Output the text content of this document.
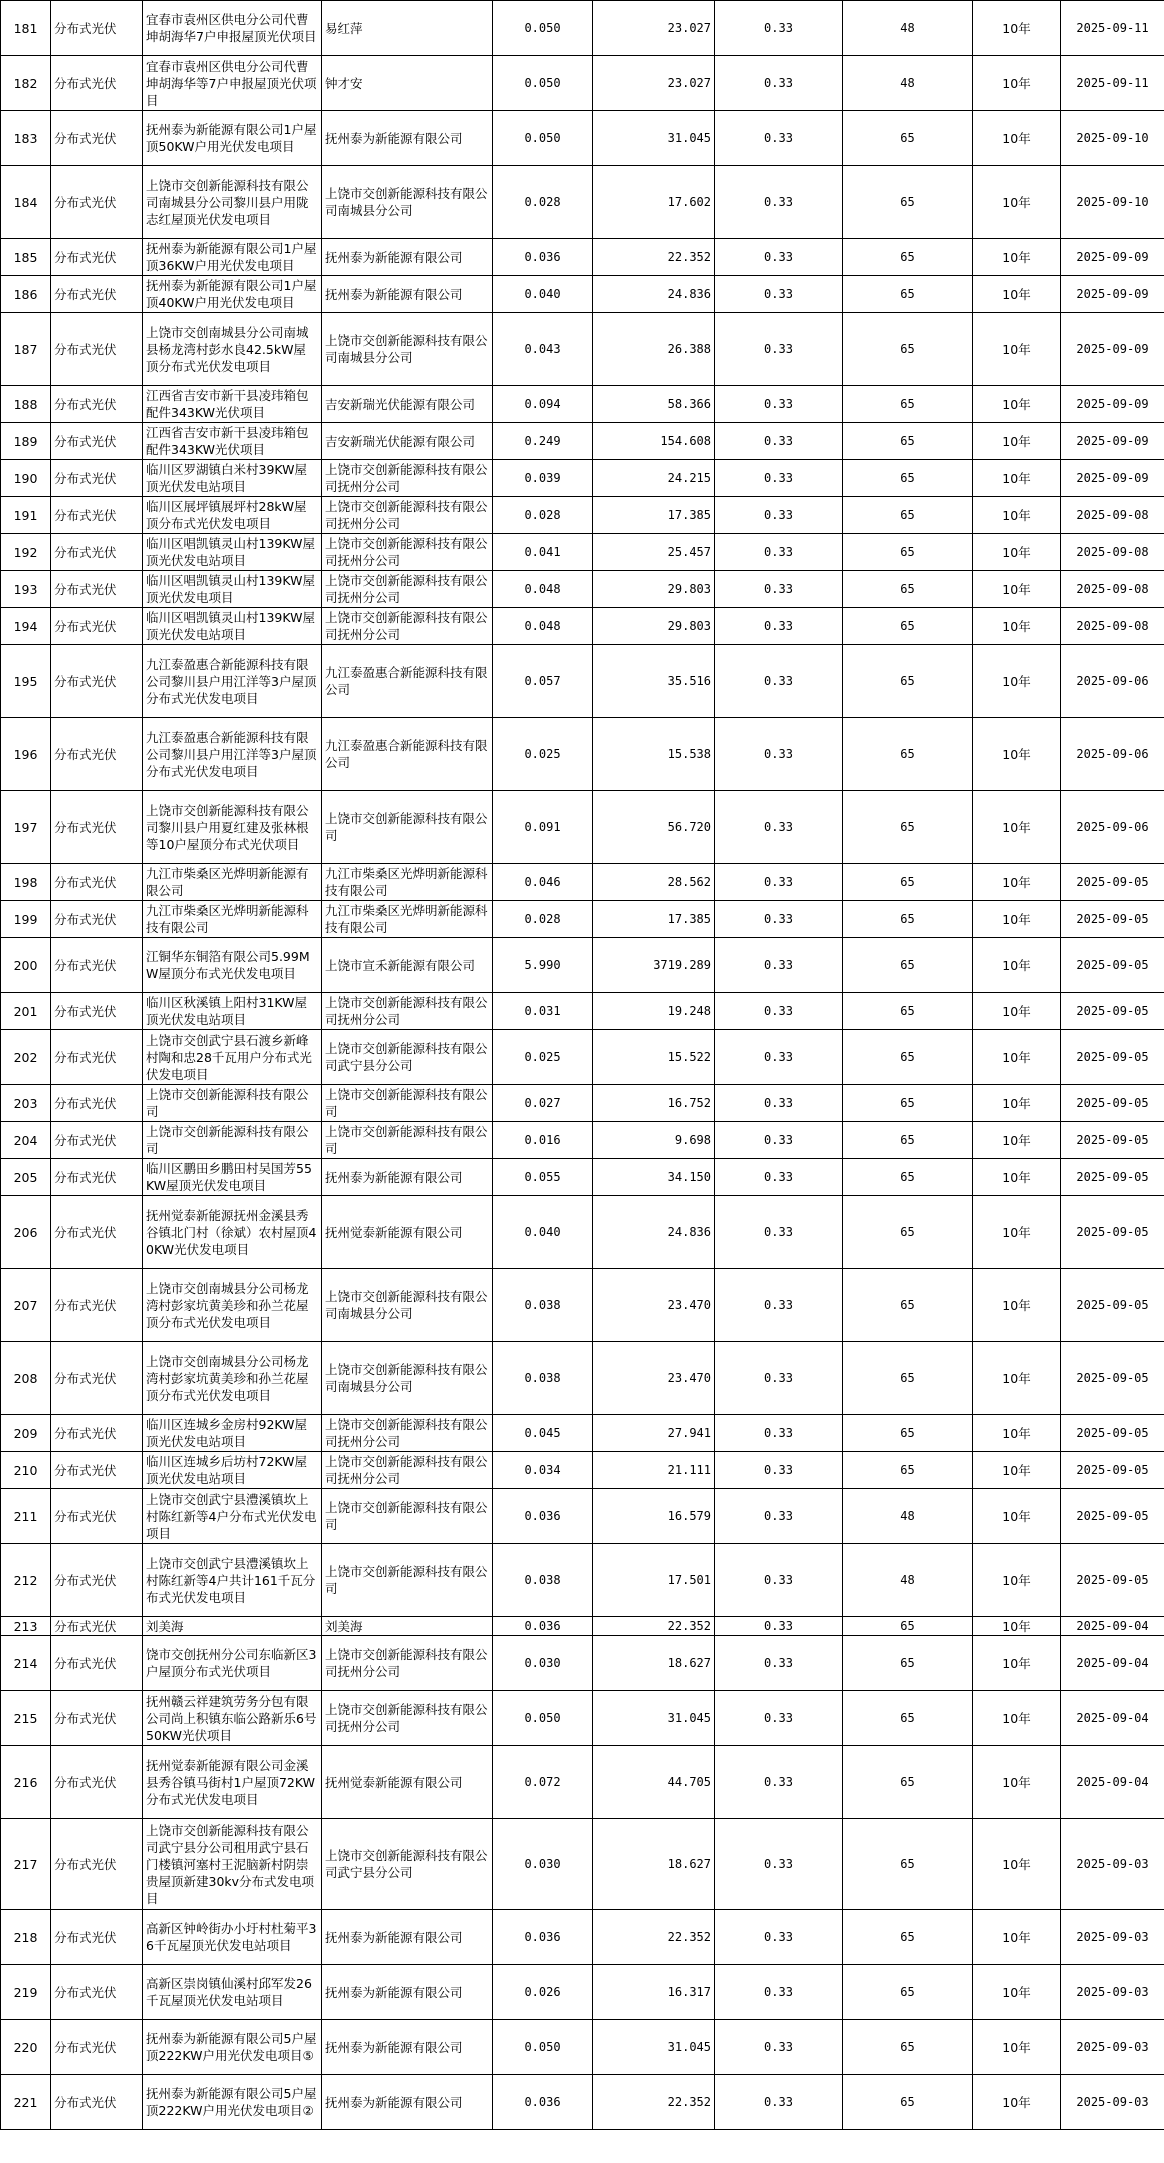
181	分布式光伏	宜春市袁州区供电分公司代曹坤胡海华7户申报屋顶光伏项目	易红萍	0.050	23.027	0.33	48	10年	2025-09-11
182	分布式光伏	宜春市袁州区供电分公司代曹坤胡海华等7户申报屋顶光伏项目	钟才安	0.050	23.027	0.33	48	10年	2025-09-11
183	分布式光伏	抚州泰为新能源有限公司1户屋顶50KW户用光伏发电项目	抚州泰为新能源有限公司	0.050	31.045	0.33	65	10年	2025-09-10
184	分布式光伏	上饶市交创新能源科技有限公司南城县分公司黎川县户用陇志红屋顶光伏发电项目	上饶市交创新能源科技有限公司南城县分公司	0.028	17.602	0.33	65	10年	2025-09-10
185	分布式光伏	抚州泰为新能源有限公司1户屋顶36KW户用光伏发电项目	抚州泰为新能源有限公司	0.036	22.352	0.33	65	10年	2025-09-09
186	分布式光伏	抚州泰为新能源有限公司1户屋顶40KW户用光伏发电项目	抚州泰为新能源有限公司	0.040	24.836	0.33	65	10年	2025-09-09
187	分布式光伏	上饶市交创南城县分公司南城县杨龙湾村彭水良42.5kW屋顶分布式光伏发电项目	上饶市交创新能源科技有限公司南城县分公司	0.043	26.388	0.33	65	10年	2025-09-09
188	分布式光伏	江西省吉安市新干县凌玮箱包配件343KW光伏项目	吉安新瑞光伏能源有限公司	0.094	58.366	0.33	65	10年	2025-09-09
189	分布式光伏	江西省吉安市新干县凌玮箱包配件343KW光伏项目	吉安新瑞光伏能源有限公司	0.249	154.608	0.33	65	10年	2025-09-09
190	分布式光伏	临川区罗湖镇白米村39KW屋顶光伏发电站项目	上饶市交创新能源科技有限公司抚州分公司	0.039	24.215	0.33	65	10年	2025-09-09
191	分布式光伏	临川区展坪镇展坪村28kW屋顶分布式光伏发电项目	上饶市交创新能源科技有限公司抚州分公司	0.028	17.385	0.33	65	10年	2025-09-08
192	分布式光伏	临川区唱凯镇灵山村139KW屋顶光伏发电站项目	上饶市交创新能源科技有限公司抚州分公司	0.041	25.457	0.33	65	10年	2025-09-08
193	分布式光伏	临川区唱凯镇灵山村139KW屋顶光伏发电项目	上饶市交创新能源科技有限公司抚州分公司	0.048	29.803	0.33	65	10年	2025-09-08
194	分布式光伏	临川区唱凯镇灵山村139KW屋顶光伏发电站项目	上饶市交创新能源科技有限公司抚州分公司	0.048	29.803	0.33	65	10年	2025-09-08
195	分布式光伏	九江泰盈惠合新能源科技有限公司黎川县户用江洋等3户屋顶分布式光伏发电项目	九江泰盈惠合新能源科技有限公司	0.057	35.516	0.33	65	10年	2025-09-06
196	分布式光伏	九江泰盈惠合新能源科技有限公司黎川县户用江洋等3户屋顶分布式光伏发电项目	九江泰盈惠合新能源科技有限公司	0.025	15.538	0.33	65	10年	2025-09-06
197	分布式光伏	上饶市交创新能源科技有限公司黎川县户用夏红建及张林根等10户屋顶分布式光伏项目	上饶市交创新能源科技有限公司	0.091	56.720	0.33	65	10年	2025-09-06
198	分布式光伏	九江市柴桑区光烨明新能源有限公司	九江市柴桑区光烨明新能源科技有限公司	0.046	28.562	0.33	65	10年	2025-09-05
199	分布式光伏	九江市柴桑区光烨明新能源科技有限公司	九江市柴桑区光烨明新能源科技有限公司	0.028	17.385	0.33	65	10年	2025-09-05
200	分布式光伏	江铜华东铜箔有限公司5.99MW屋顶分布式光伏发电项目	上饶市宣禾新能源有限公司	5.990	3719.289	0.33	65	10年	2025-09-05
201	分布式光伏	临川区秋溪镇上阳村31KW屋顶光伏发电站项目	上饶市交创新能源科技有限公司抚州分公司	0.031	19.248	0.33	65	10年	2025-09-05
202	分布式光伏	上饶市交创武宁县石渡乡新峰村陶和忠28千瓦用户分布式光伏发电项目	上饶市交创新能源科技有限公司武宁县分公司	0.025	15.522	0.33	65	10年	2025-09-05
203	分布式光伏	上饶市交创新能源科技有限公司	上饶市交创新能源科技有限公司	0.027	16.752	0.33	65	10年	2025-09-05
204	分布式光伏	上饶市交创新能源科技有限公司	上饶市交创新能源科技有限公司	0.016	9.698	0.33	65	10年	2025-09-05
205	分布式光伏	临川区鹏田乡鹏田村吴国芳55KW屋顶光伏发电项目	抚州泰为新能源有限公司	0.055	34.150	0.33	65	10年	2025-09-05
206	分布式光伏	抚州觉泰新能源抚州金溪县秀谷镇北门村（徐斌）农村屋顶40KW光伏发电项目	抚州觉泰新能源有限公司	0.040	24.836	0.33	65	10年	2025-09-05
207	分布式光伏	上饶市交创南城县分公司杨龙湾村彭家坑黄美珍和孙兰花屋顶分布式光伏发电项目	上饶市交创新能源科技有限公司南城县分公司	0.038	23.470	0.33	65	10年	2025-09-05
208	分布式光伏	上饶市交创南城县分公司杨龙湾村彭家坑黄美珍和孙兰花屋顶分布式光伏发电项目	上饶市交创新能源科技有限公司南城县分公司	0.038	23.470	0.33	65	10年	2025-09-05
209	分布式光伏	临川区连城乡金房村92KW屋顶光伏发电站项目	上饶市交创新能源科技有限公司抚州分公司	0.045	27.941	0.33	65	10年	2025-09-05
210	分布式光伏	临川区连城乡后坊村72KW屋顶光伏发电站项目	上饶市交创新能源科技有限公司抚州分公司	0.034	21.111	0.33	65	10年	2025-09-05
211	分布式光伏	上饶市交创武宁县澧溪镇坎上村陈红新等4户分布式光伏发电项目	上饶市交创新能源科技有限公司	0.036	16.579	0.33	48	10年	2025-09-05
212	分布式光伏	上饶市交创武宁县澧溪镇坎上村陈红新等4户共计161千瓦分布式光伏发电项目	上饶市交创新能源科技有限公司	0.038	17.501	0.33	48	10年	2025-09-05
213	分布式光伏	刘美海	刘美海	0.036	22.352	0.33	65	10年	2025-09-04
214	分布式光伏	饶市交创抚州分公司东临新区3户屋顶分布式光伏项目	上饶市交创新能源科技有限公司抚州分公司	0.030	18.627	0.33	65	10年	2025-09-04
215	分布式光伏	抚州赣云祥建筑劳务分包有限公司尚上积镇东临公路新乐6号50KW光伏项目	上饶市交创新能源科技有限公司抚州分公司	0.050	31.045	0.33	65	10年	2025-09-04
216	分布式光伏	抚州觉泰新能源有限公司金溪县秀谷镇马街村1户屋顶72KW分布式光伏发电项目	抚州觉泰新能源有限公司	0.072	44.705	0.33	65	10年	2025-09-04
217	分布式光伏	上饶市交创新能源科技有限公司武宁县分公司租用武宁县石门楼镇河塞村王泥脑新村阴崇贵屋顶新建30kv分布式发电项目	上饶市交创新能源科技有限公司武宁县分公司	0.030	18.627	0.33	65	10年	2025-09-03
218	分布式光伏	高新区钟岭街办小圩村杜菊平36千瓦屋顶光伏发电站项目	抚州泰为新能源有限公司	0.036	22.352	0.33	65	10年	2025-09-03
219	分布式光伏	高新区崇岗镇仙溪村邱军发26千瓦屋顶光伏发电站项目	抚州泰为新能源有限公司	0.026	16.317	0.33	65	10年	2025-09-03
220	分布式光伏	抚州泰为新能源有限公司5户屋顶222KW户用光伏发电项目⑤	抚州泰为新能源有限公司	0.050	31.045	0.33	65	10年	2025-09-03
221	分布式光伏	抚州泰为新能源有限公司5户屋顶222KW户用光伏发电项目②	抚州泰为新能源有限公司	0.036	22.352	0.33	65	10年	2025-09-03
